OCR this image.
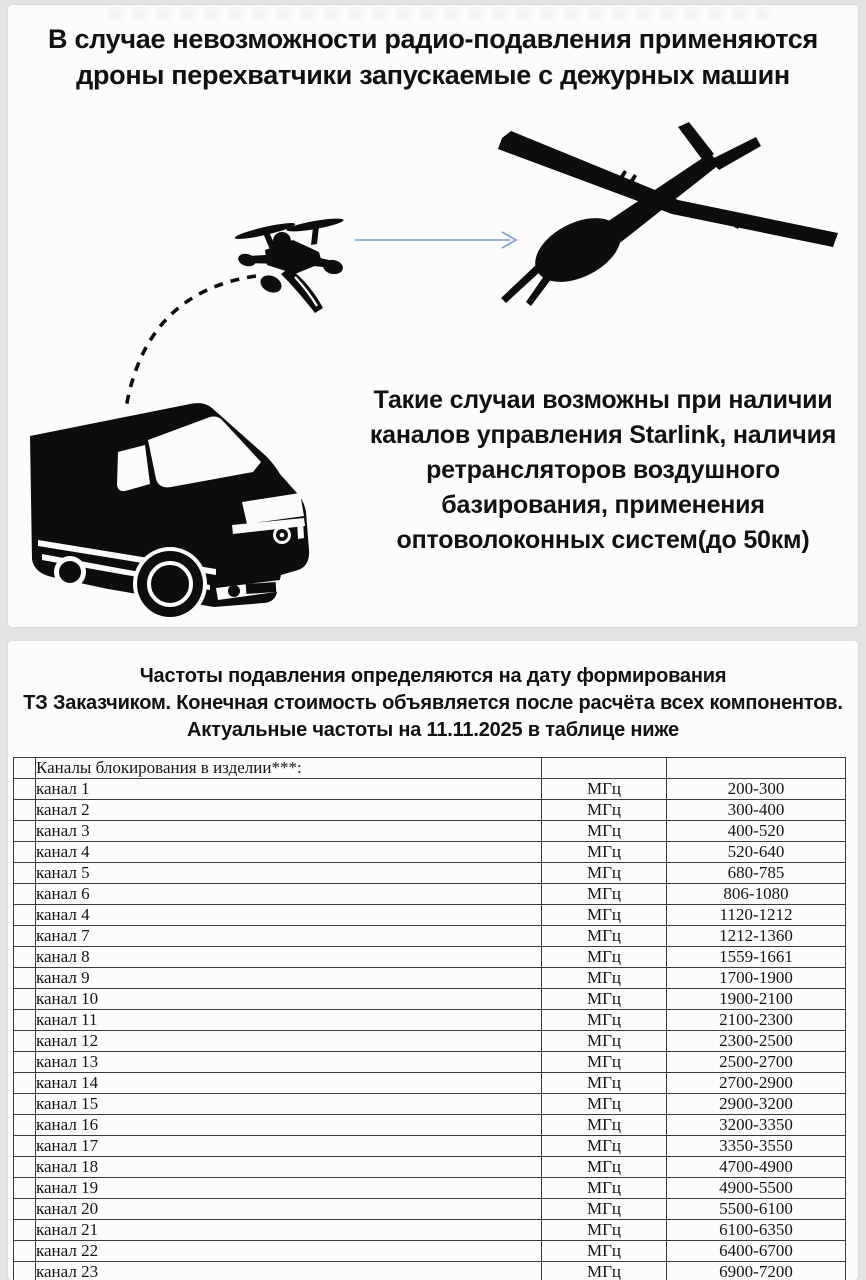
В случае невозможности радио-подавления применяются
дроны перехватчики запускаемые с дежурных машин
Такие случаи возможны при наличии
каналов управления Starlink, наличия
ретрансляторов воздушного
базирования, применения
оптоволоконных систем(до 50км)
Частоты подавления определяются на дату формирования
ТЗ Заказчиком. Конечная стоимость объявляется после расчёта всех компонентов.
Актуальные частоты на 11.11.2025 в таблице ниже
	Каналы блокирования в изделии***:		
	канал 1	МГц	200-300
	канал 2	МГц	300-400
	канал 3	МГц	400-520
	канал 4	МГц	520-640
	канал 5	МГц	680-785
	канал 6	МГц	806-1080
	канал 4	МГц	1120-1212
	канал 7	МГц	1212-1360
	канал 8	МГц	1559-1661
	канал 9	МГц	1700-1900
	канал 10	МГц	1900-2100
	канал 11	МГц	2100-2300
	канал 12	МГц	2300-2500
	канал 13	МГц	2500-2700
	канал 14	МГц	2700-2900
	канал 15	МГц	2900-3200
	канал 16	МГц	3200-3350
	канал 17	МГц	3350-3550
	канал 18	МГц	4700-4900
	канал 19	МГц	4900-5500
	канал 20	МГц	5500-6100
	канал 21	МГц	6100-6350
	канал 22	МГц	6400-6700
	канал 23	МГц	6900-7200
